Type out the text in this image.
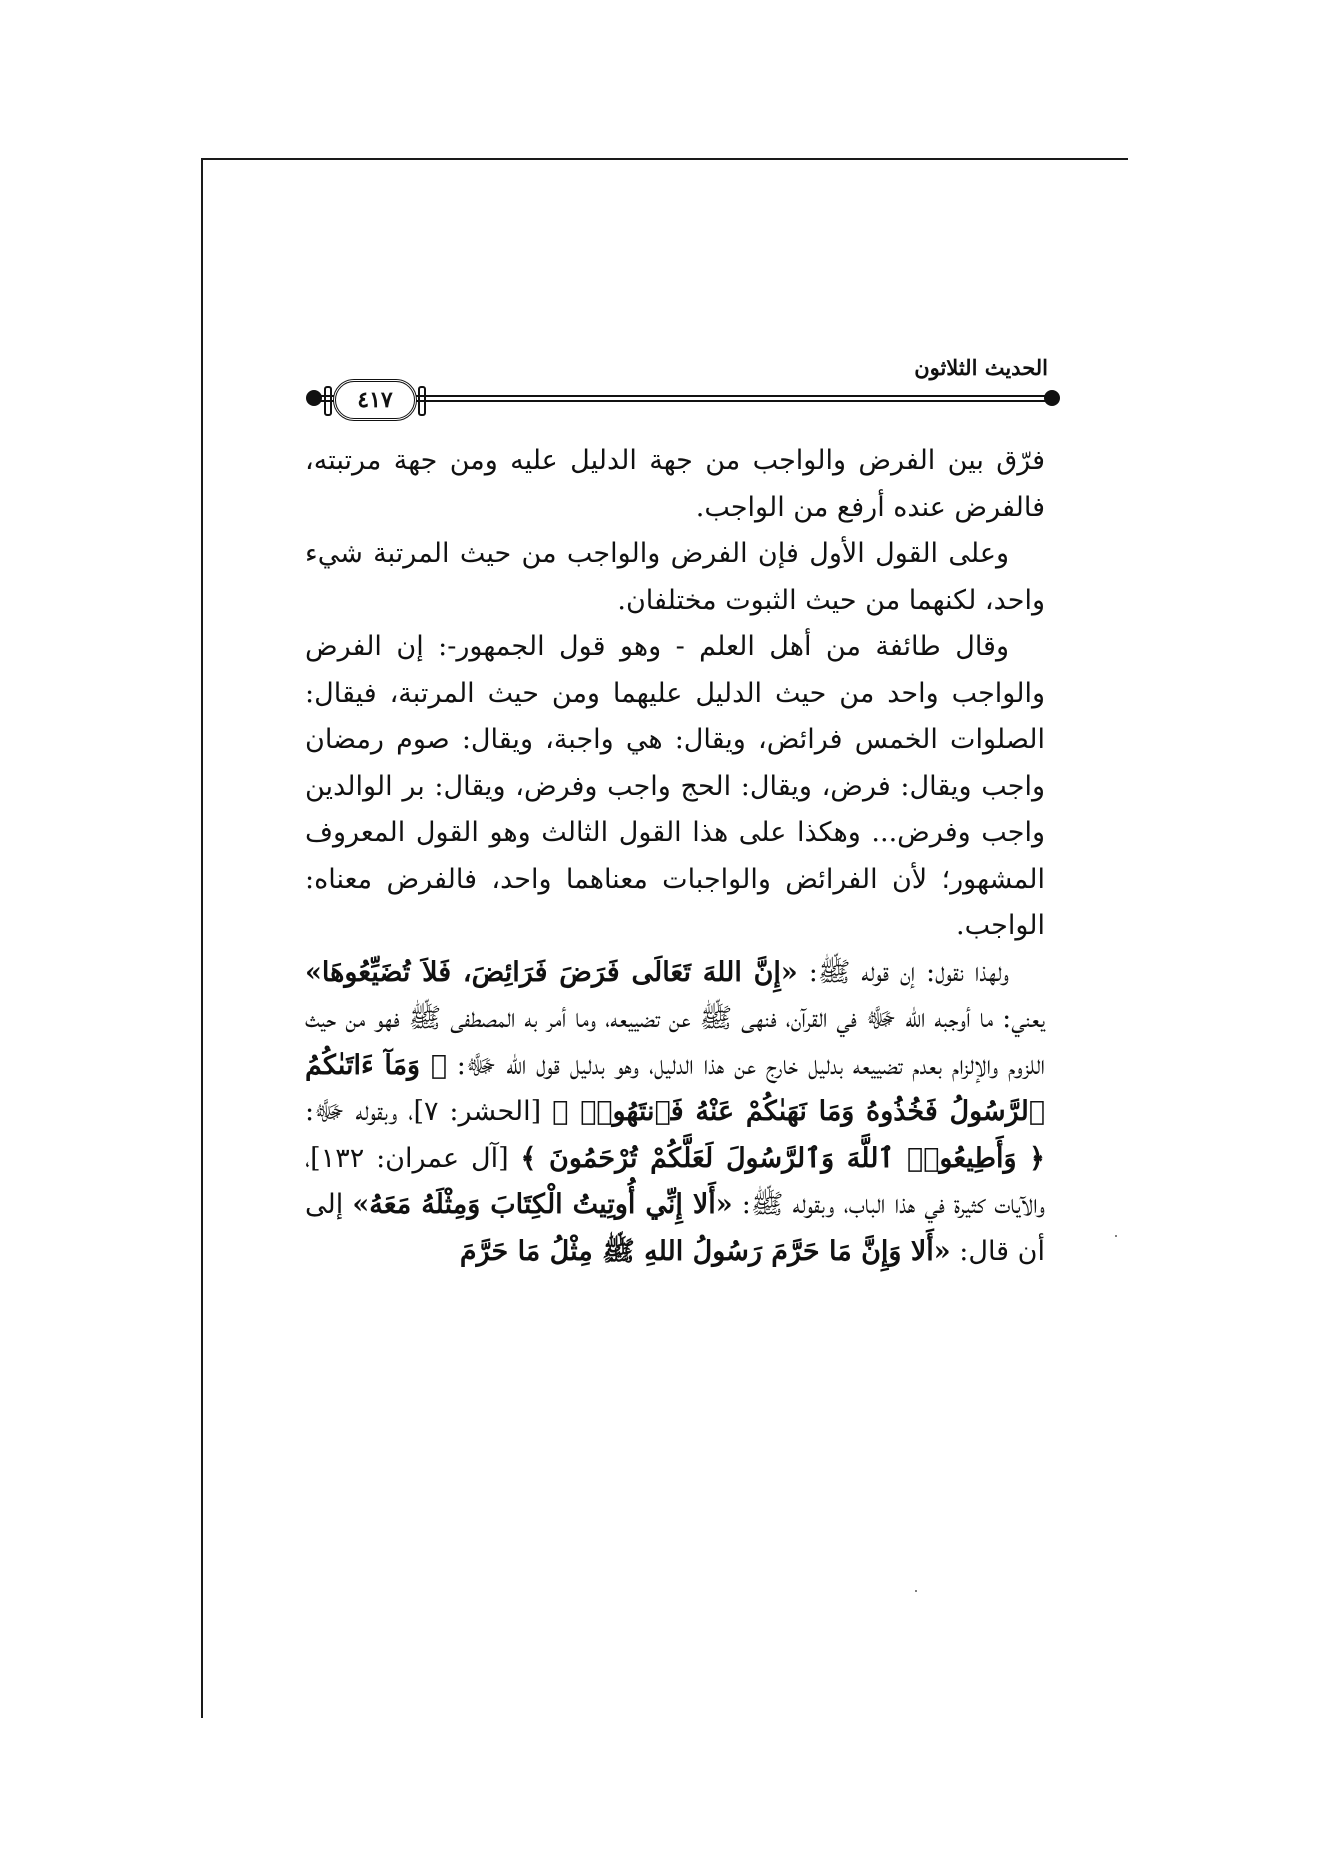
الحديث الثلاثون
٤١٧

فرّق بين الفرض والواجب من جهة الدليل عليه ومن جهة مرتبته، فالفرض عنده أرفع من الواجب.

وعلى القول الأول فإن الفرض والواجب من حيث المرتبة شيء واحد، لكنهما من حيث الثبوت مختلفان.

وقال طائفة من أهل العلم - وهو قول الجمهور-: إن الفرض والواجب واحد من حيث الدليل عليهما ومن حيث المرتبة، فيقال: الصلوات الخمس فرائض، ويقال: هي واجبة، ويقال: صوم رمضان واجب ويقال: فرض، ويقال: الحج واجب وفرض، ويقال: بر الوالدين واجب وفرض... وهكذا على هذا القول الثالث وهو القول المعروف المشهور؛ لأن الفرائض والواجبات معناهما واحد، فالفرض معناه: الواجب.

ولهذا نقول: إن قوله ﷺ: «إِنَّ اللهَ تَعَالَى فَرَضَ فَرَائِضَ، فَلاَ تُضَيِّعُوهَا» يعني: ما أوجبه الله ﷻ في القرآن، فنهى ﷺ عن تضييعه، وما أمر به المصطفى ﷺ فهو من حيث اللزوم والإلزام بعدم تضييعه بدليل خارج عن هذا الدليل، وهو بدليل قول الله ﷻ: ﴿ وَمَآ ءَاتَىٰكُمُ ٱلرَّسُولُ فَخُذُوهُ وَمَا نَهَىٰكُمْ عَنْهُ فَٱنتَهُوا۟ ﴾ [الحشر: ٧]، وبقوله ﷻ: ﴿ وَأَطِيعُوا۟ ٱللَّهَ وَٱلرَّسُولَ لَعَلَّكُمْ تُرْحَمُونَ ﴾ [آل عمران: ١٣٢]، والآيات كثيرة في هذا الباب، وبقوله ﷺ: «أَلا إِنِّي أُوتِيتُ الْكِتَابَ وَمِثْلَهُ مَعَهُ» إلى أن قال: «أَلا وَإِنَّ مَا حَرَّمَ رَسُولُ اللهِ ﷺ مِثْلُ مَا حَرَّمَ
